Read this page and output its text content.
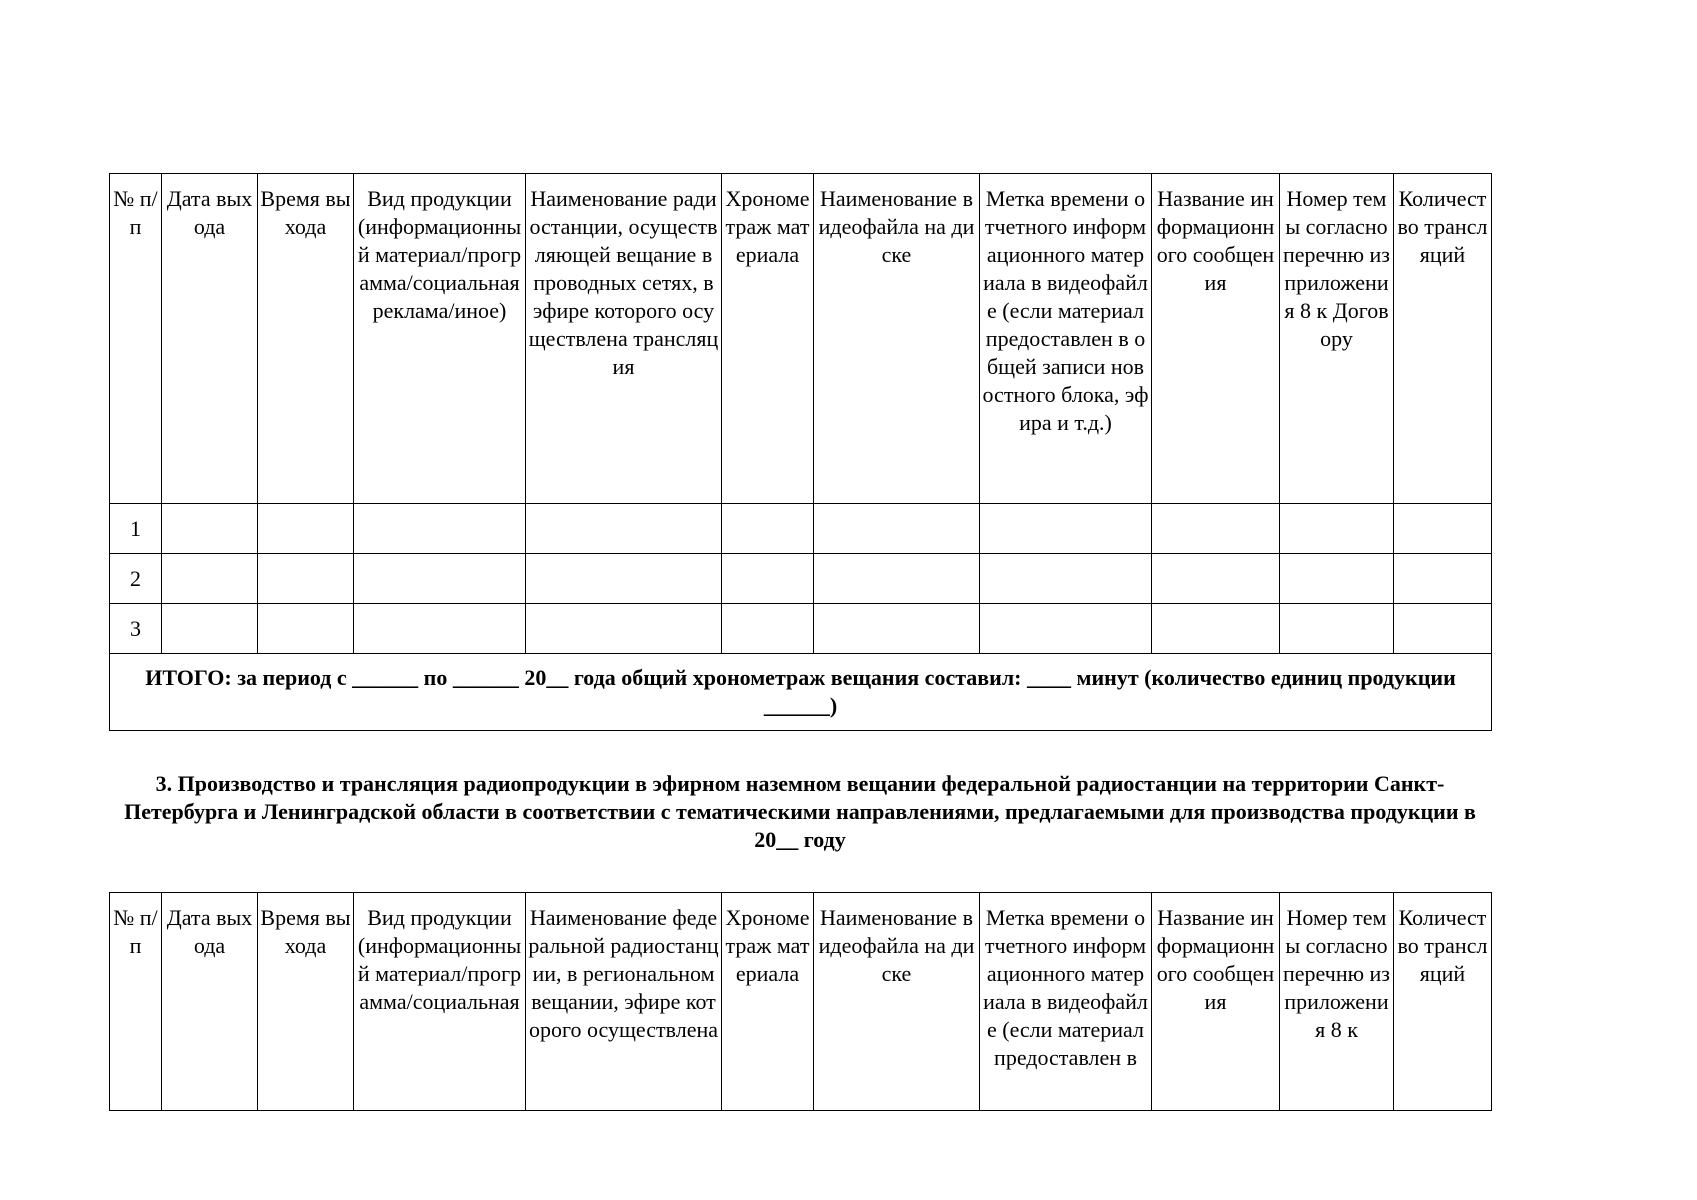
№ п/п	Дата выхода	Время выхода	Вид продукции (информационный материал/программа/социальная реклама/иное)	Наименование радиостанции, осуществляющей вещание в проводных сетях, в эфире которого осуществлена трансляция	Хронометраж материала	Наименование видеофайла на диске	Метка времени отчетного информационного материала в видеофайле (если материал предоставлен в общей записи новостного блока, эфира и т.д.)	Название информационного сообщения	Номер темы согласно перечню из приложения 8 к Договору	Количество трансляций
1										
2										
3										
ИТОГО: за период с ______ по ______ 20__ года общий хронометраж вещания составил: ____ минут (количество единиц продукции ______)										
3. Производство и трансляция радиопродукции в эфирном наземном вещании федеральной радиостанции на территории Санкт-Петербурга и Ленинградской области в соответствии с тематическими направлениями, предлагаемыми для производства продукции в 20__ году
№ п/п	Дата выхода	Время выхода	Вид продукции (информационный материал/программа/социальная	Наименование федеральной радиостанции, в региональном вещании, эфире которого осуществлена	Хронометраж материала	Наименование видеофайла на диске	Метка времени отчетного информационного материала в видеофайле (если материал предоставлен в	Название информационного сообщения	Номер темы согласно перечню из приложения 8 к	Количество трансляций
